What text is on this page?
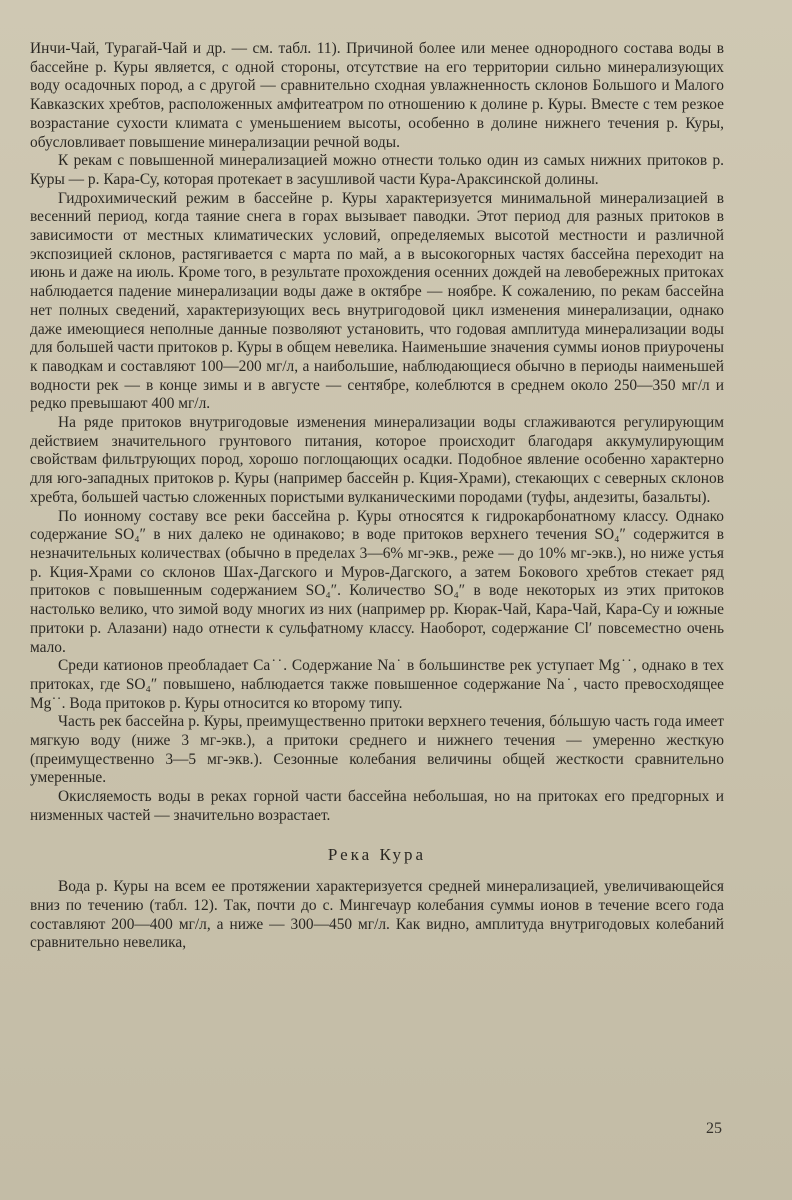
Инчи-Чай, Турагай-Чай и др. — см. табл. 11). Причиной более или менее однородного состава воды в бассейне р. Куры является, с одной стороны, отсутствие на его территории сильно минерализующих воду осадочных пород, а с другой — сравнительно сходная увлажненность склонов Большого и Малого Кавказских хребтов, расположенных амфитеатром по отношению к долине р. Куры. Вместе с тем резкое возрастание сухости климата с уменьшением высоты, особенно в долине нижнего течения р. Куры, обусловливает повышение минерализации речной воды.

К рекам с повышенной минерализацией можно отнести только один из самых нижних притоков р. Куры — р. Кара-Су, которая протекает в засушливой части Кура-Араксинской долины.

Гидрохимический режим в бассейне р. Куры характеризуется минимальной минерализацией в весенний период, когда таяние снега в горах вызывает паводки. Этот период для разных притоков в зависимости от местных климатических условий, определяемых высотой местности и различной экспозицией склонов, растягивается с марта по май, а в высокогорных частях бассейна переходит на июнь и даже на июль. Кроме того, в результате прохождения осенних дождей на левобережных притоках наблюдается падение минерализации воды даже в октябре — ноябре. К сожалению, по рекам бассейна нет полных сведений, характеризующих весь внутригодовой цикл изменения минерализации, однако даже имеющиеся неполные данные позволяют установить, что годовая амплитуда минерализации воды для большей части притоков р. Куры в общем невелика. Наименьшие значения суммы ионов приурочены к паводкам и составляют 100—200 мг/л, а наибольшие, наблюдающиеся обычно в периоды наименьшей водности рек — в конце зимы и в августе — сентябре, колеблются в среднем около 250—350 мг/л и редко превышают 400 мг/л.

На ряде притоков внутригодовые изменения минерализации воды сглаживаются регулирующим действием значительного грунтового питания, которое происходит благодаря аккумулирующим свойствам фильтрующих пород, хорошо поглощающих осадки. Подобное явление особенно характерно для юго-западных притоков р. Куры (например бассейн р. Кция-Храми), стекающих с северных склонов хребта, большей частью сложенных пористыми вулканическими породами (туфы, андезиты, базальты).

По ионному составу все реки бассейна р. Куры относятся к гидрокарбонатному классу. Однако содержание SO₄″ в них далеко не одинаково; в воде притоков верхнего течения SO₄″ содержится в незначительных количествах (обычно в пределах 3—6% мг-экв., реже — до 10% мг-экв.), но ниже устья р. Кция-Храми со склонов Шах-Дагского и Муров-Дагского, а затем Бокового хребтов стекает ряд притоков с повышенным содержанием SO₄″. Количество SO₄″ в воде некоторых из этих притоков настолько велико, что зимой воду многих из них (например рр. Кюрак-Чай, Кара-Чай, Кара-Су и южные притоки р. Алазани) надо отнести к сульфатному классу. Наоборот, содержание Cl′ повсеместно очень мало.

Среди катионов преобладает Ca˙˙. Содержание Na˙ в большинстве рек уступает Mg˙˙, однако в тех притоках, где SO₄″ повышено, наблюдается также повышенное содержание Na˙, часто превосходящее Mg˙˙. Вода притоков р. Куры относится ко второму типу.

Часть рек бассейна р. Куры, преимущественно притоки верхнего течения, бóльшую часть года имеет мягкую воду (ниже 3 мг-экв.), а притоки среднего и нижнего течения — умеренно жесткую (преимущественно 3—5 мг-экв.). Сезонные колебания величины общей жесткости сравнительно умеренные.

Окисляемость воды в реках горной части бассейна небольшая, но на притоках его предгорных и низменных частей — значительно возрастает.

Река Кура

Вода р. Куры на всем ее протяжении характеризуется средней минерализацией, увеличивающейся вниз по течению (табл. 12). Так, почти до с. Мингечаур колебания суммы ионов в течение всего года составляют 200—400 мг/л, а ниже — 300—450 мг/л. Как видно, амплитуда внутригодовых колебаний сравнительно невелика,

25
